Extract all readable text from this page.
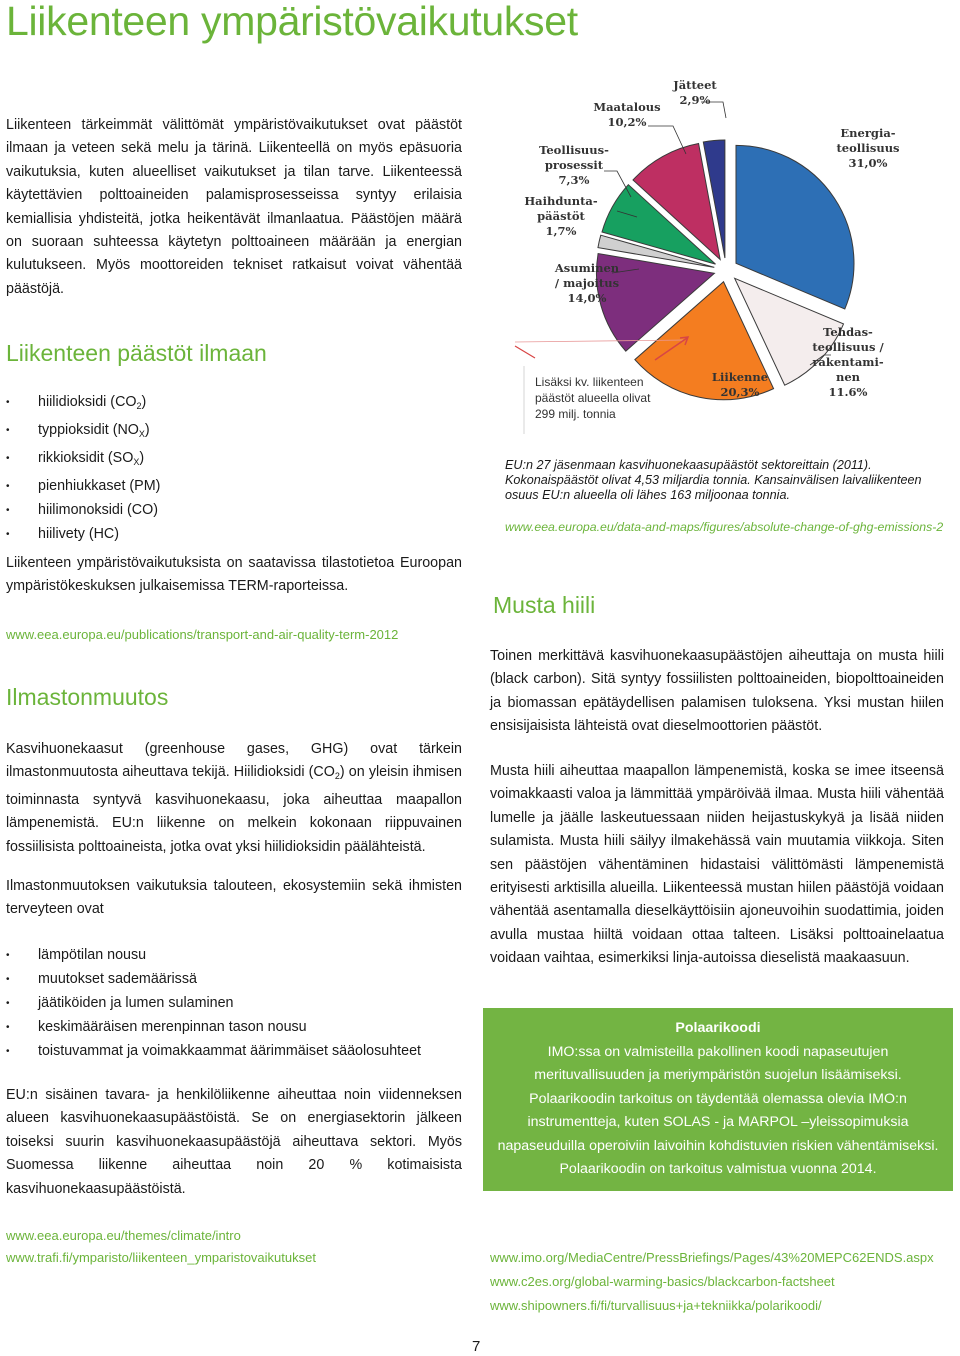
Liikenteen ympäristövaikutukset

Liikenteen tärkeimmät välittömät ympäristövaikutukset ovat päästöt ilmaan ja veteen sekä melu ja tärinä. Liikenteellä on myös epäsuoria vaikutuksia, kuten alueelliset vaikutukset ja tilan tarve. Liikenteessä käytettävien polttoaineiden palamisprosesseissa syntyy erilaisia kemiallisia yhdisteitä, jotka heikentävät ilmanlaatua. Päästöjen määrä on suoraan suhteessa käytetyn polttoaineen määrään ja energian kulutukseen. Myös moottoreiden tekniset ratkaisut voivat vähentää päästöjä.

Liikenteen päästöt ilmaan
• hiilidioksidi $(CO_2)$
• typpioksidit $(NO_X)$
• rikkioksidit $(SO_X)$
• pienhiukkaset (PM)
• hiilimonoksidi (CO)
• hiilivety (HC)

Liikenteen ympäristövaikutuksista on saatavissa tilastotietoa Euroopan ympäristökeskuksen julkaisemissa TERM-raporteissa.

www.eea.europa.eu/publications/transport-and-air-quality-term-2012
Ilmastonmuutos

Kasvihuonekaasut (greenhouse gases, GHG) ovat tärkein ilmastonmuutosta aiheuttava tekijä. Hiilidioksidi $(CO_2)$ on yleisin ihmisen toiminnasta syntyvä kasvihuonekaasu, joka aiheuttaa maapallon lämpenemistä. EU:n liikenne on melkein kokonaan riippuvainen fossiilisista polttoaineista, jotka ovat yksi hiilidioksidin päälähteistä.

Ilmastonmuutoksen vaikutuksia talouteen, ekosystemiin sekä ihmisten terveyteen ovat

• lämpötilan nousu
• muutokset sademäärissä
• jäätiköiden ja lumen sulaminen
• keskimääräisen merenpinnan tason nousu
• toistuvammat ja voimakkaammat äärimmäiset sääolosuhteet

EU:n sisäinen tavara- ja henkilöliikenne aiheuttaa noin viidenneksen alueen kasvihuonekaasupäästöistä. Se on energiasektorin jälkeen toiseksi suurin kasvihuonekaasupäästöjä aiheuttava sektori. Myös Suomessa liikenne aiheuttaa noin 20 % kotimaisista kasvihuonekaasupäästöistä.

www.eea.europa.eu/themes/climate/intro
www.trafi.fi/ymparisto/liikenteen_ymparistovaikutukset
Maatalous
10,2%
Jätteet
2,9%
Teollisuus-
prosessit
7,3%
Haihdunta-
päästöt
1,7%
Asuminen
/ majoitus
14,0%
Energia-
teollisuus
31,0%
Tehdas-
teollisuus /
rakentami-
nen
11.6%
Liikenne
20,3%
Lisäksi kv. liikenteen
päästöt alueella olivat
299 milj. tonnia
EU:n 27 jäsenmaan kasvihuonekaasupäästöt sektoreittain (2011). Kokonaispäästöt olivat 4,53 miljardia tonnia. Kansainvälisen laivaliikenteen osuus EU:n alueella oli lähes 163 miljoonaa tonnia.
www.eea.europa.eu/data-and-maps/figures/absolute-change-of-ghg-emissions-2
Musta hiili

Toinen merkittävä kasvihuonekaasupäästöjen aiheuttaja on musta hiili (black carbon). Sitä syntyy fossiilisten polttoaineiden, biopolttoaineiden ja biomassan epätäydellisen palamisen tuloksena. Yksi mustan hiilen ensisijaisista lähteistä ovat dieselmoottorien päästöt.

Musta hiili aiheuttaa maapallon lämpenemistä, koska se imee itseensä voimakkaasti valoa ja lämmittää ympäröivää ilmaa. Musta hiili vähentää lumelle ja jäälle laskeutuessaan niiden heijastuskykyä ja lisää niiden sulamista. Musta hiili säilyy ilmakehässä vain muutamia viikkoja. Siten sen päästöjen vähentäminen hidastaisi välittömästi lämpenemistä erityisesti arktisilla alueilla. Liikenteessä mustan hiilen päästöjä voidaan vähentää asentamalla dieselkäyttöisiin ajoneuvoihin suodattimia, joiden avulla mustaa hiiltä voidaan ottaa talteen. Lisäksi polttoainelaatua voidaan vaihtaa, esimerkiksi linja-autoissa dieselistä maakaasuun.

Polaarikoodi

IMO:ssa on valmisteilla pakollinen koodi napaseutujen merituvallisuuden ja meriympäristön suojelun lisäämiseksi. Polaarikoodin tarkoitus on täydentää olemassa olevia IMO:n instrumentteja, kuten SOLAS - ja MARPOL –yleissopimuksia napaseuduilla operoiviin laivoihin kohdistuvien riskien vähentämiseksi. Polaarikoodin on tarkoitus valmistua vuonna 2014.

www.imo.org/MediaCentre/PressBriefings/Pages/43%20MEPC62ENDS.aspx
www.c2es.org/global-warming-basics/blackcarbon-factsheet
www.shipowners.fi/fi/turvallisuus+ja+tekniikka/polarikoodi/
7
